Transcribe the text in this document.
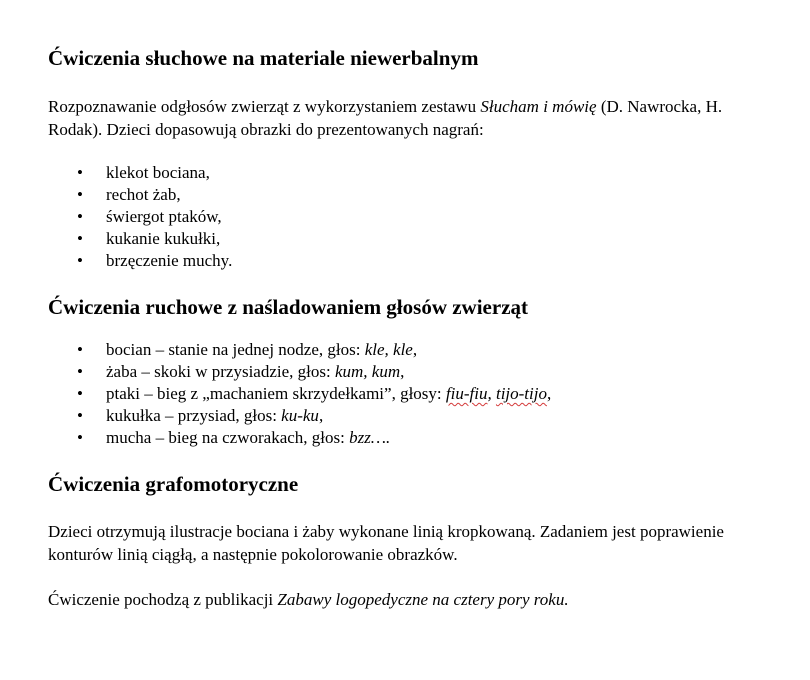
Ćwiczenia słuchowe na materiale niewerbalnym

Rozpoznawanie odgłosów zwierząt z wykorzystaniem zestawu Słucham i mówię (D. Nawrocka, H. Rodak). Dzieci dopasowują obrazki do prezentowanych nagrań:

• klekot bociana,
• rechot żab,
• świergot ptaków,
• kukanie kukułki,
• brzęczenie muchy.
Ćwiczenia ruchowe z naśladowaniem głosów zwierząt
• bocian – stanie na jednej nodze, głos: kle, kle,
• żaba – skoki w przysiadzie, głos: kum, kum,
• ptaki – bieg z „machaniem skrzydełkami”, głosy: fiu-fiu, tijo-tijo,
• kukułka – przysiad, głos: ku-ku,
• mucha – bieg na czworakach, głos: bzz….
Ćwiczenia grafomotoryczne

Dzieci otrzymują ilustracje bociana i żaby wykonane linią kropkowaną. Zadaniem jest poprawienie konturów linią ciągłą, a następnie pokolorowanie obrazków.

Ćwiczenie pochodzą z publikacji Zabawy logopedyczne na cztery pory roku.
